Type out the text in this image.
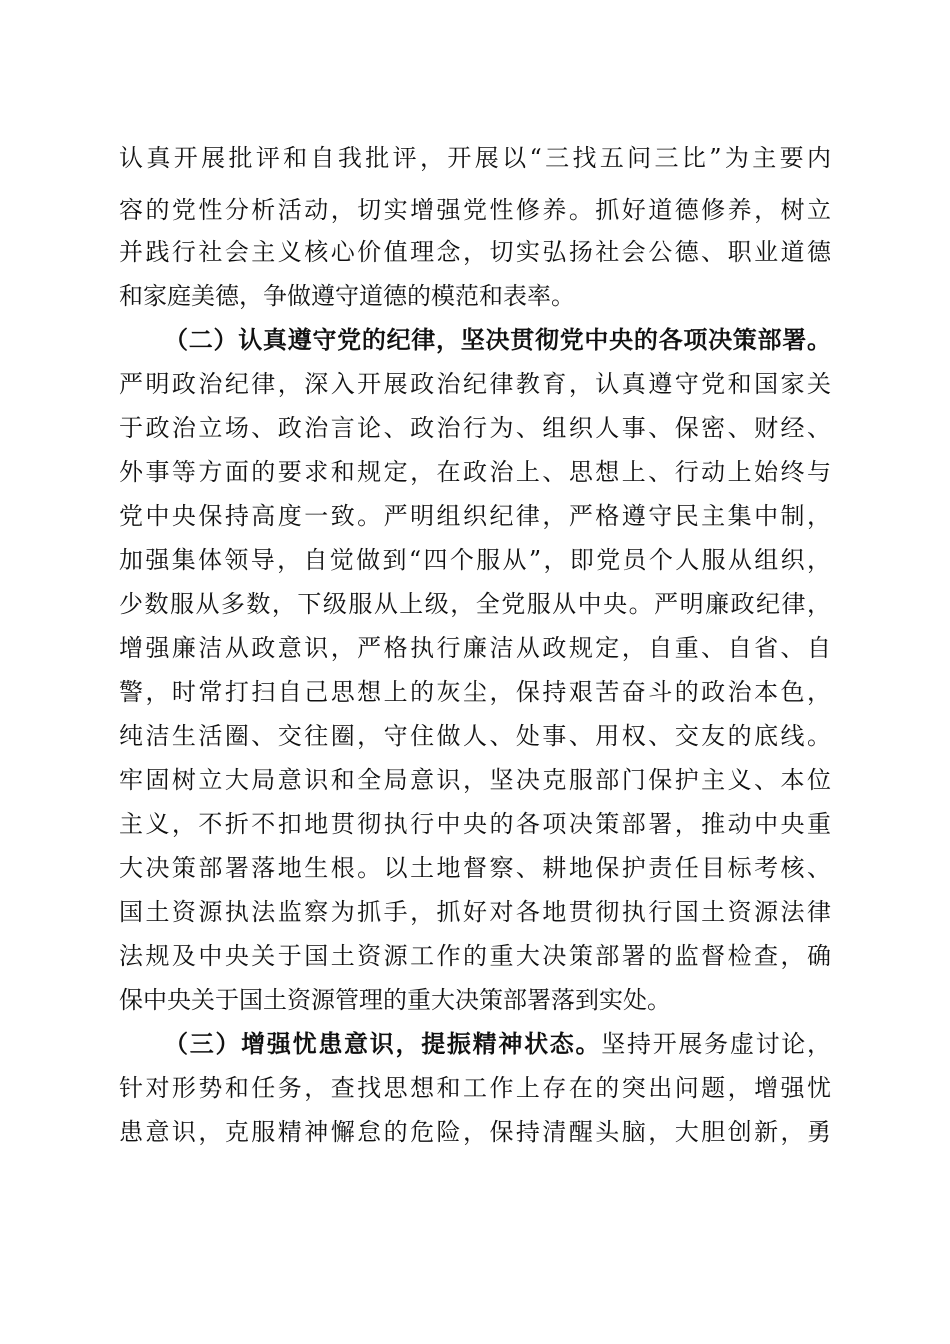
认真开展批评和自我批评，开展以“三找五问三比”为主要内
容的党性分析活动，切实增强党性修养。抓好道德修养，树立
并践行社会主义核心价值理念，切实弘扬社会公德、职业道德
和家庭美德，争做遵守道德的模范和表率。
（二）认真遵守党的纪律，坚决贯彻党中央的各项决策部署。
严明政治纪律，深入开展政治纪律教育，认真遵守党和国家关
于政治立场、政治言论、政治行为、组织人事、保密、财经、
外事等方面的要求和规定，在政治上、思想上、行动上始终与
党中央保持高度一致。严明组织纪律，严格遵守民主集中制，
加强集体领导，自觉做到“四个服从”，即党员个人服从组织，
少数服从多数，下级服从上级，全党服从中央。严明廉政纪律，
增强廉洁从政意识，严格执行廉洁从政规定，自重、自省、自
警，时常打扫自己思想上的灰尘，保持艰苦奋斗的政治本色，
纯洁生活圈、交往圈，守住做人、处事、用权、交友的底线。
牢固树立大局意识和全局意识，坚决克服部门保护主义、本位
主义，不折不扣地贯彻执行中央的各项决策部署，推动中央重
大决策部署落地生根。以土地督察、耕地保护责任目标考核、
国土资源执法监察为抓手，抓好对各地贯彻执行国土资源法律
法规及中央关于国土资源工作的重大决策部署的监督检查，确
保中央关于国土资源管理的重大决策部署落到实处。
（三）增强忧患意识，提振精神状态。坚持开展务虚讨论，
针对形势和任务，查找思想和工作上存在的突出问题，增强忧
患意识，克服精神懈怠的危险，保持清醒头脑，大胆创新，勇
